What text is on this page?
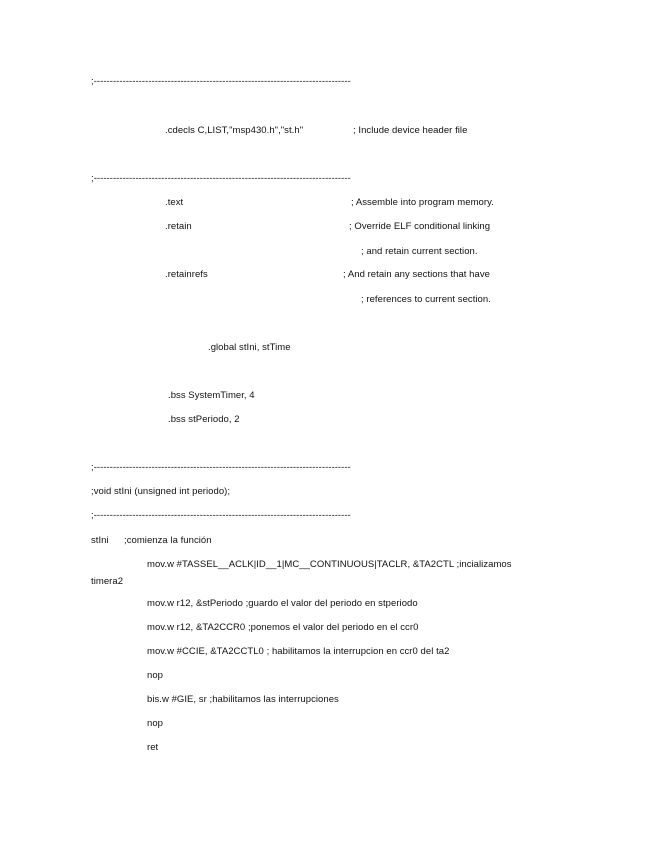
;--------------------------------------------------------------------------------
.cdecls C,LIST,"msp430.h","st.h"	; Include device header file
;--------------------------------------------------------------------------------
.text	; Assemble into program memory.
.retain	; Override ELF conditional linking
; and retain current section.
.retainrefs	; And retain any sections that have
; references to current section.
.global stIni, stTime
.bss SystemTimer, 4
.bss stPeriodo, 2
;--------------------------------------------------------------------------------
;void stIni (unsigned int periodo);
;--------------------------------------------------------------------------------
stIni ;comienza la función
mov.w #TASSEL__ACLK|ID__1|MC__CONTINUOUS|TACLR, &TA2CTL ;incializamos
timera2
mov.w r12, &stPeriodo ;guardo el valor del periodo en stperiodo
mov.w r12, &TA2CCR0 ;ponemos el valor del periodo en el ccr0
mov.w #CCIE, &TA2CCTL0 ; habilitamos la interrupcion en ccr0 del ta2
nop
bis.w #GIE, sr ;habilitamos las interrupciones
nop
ret
